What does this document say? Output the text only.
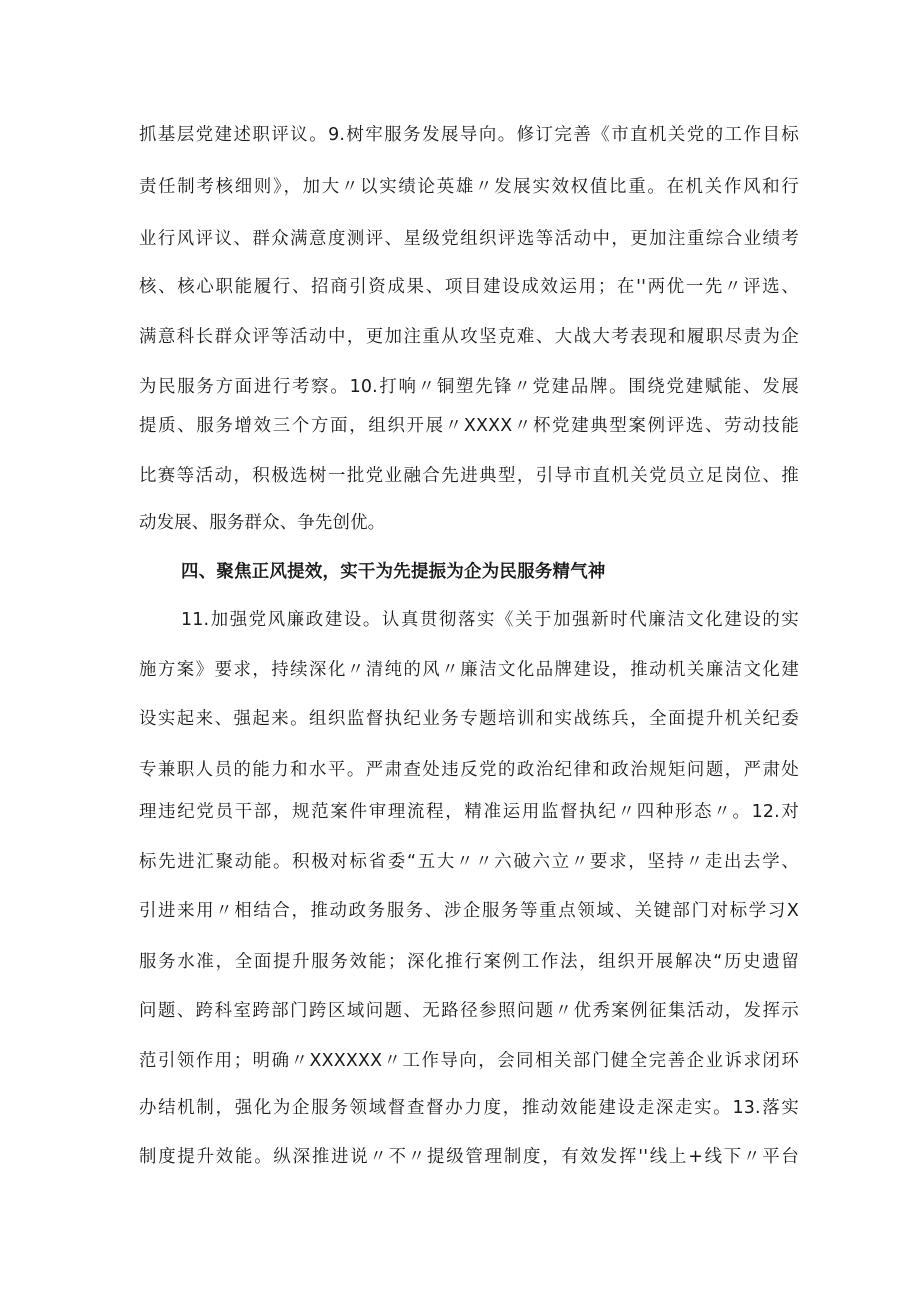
抓基层党建述职评议。9.树牢服务发展导向。修订完善《市直机关党的工作目标
责任制考核细则》，加大〃以实绩论英雄〃发展实效权值比重。在机关作风和行
业行风评议、群众满意度测评、星级党组织评选等活动中，更加注重综合业绩考
核、核心职能履行、招商引资成果、项目建设成效运用；在''两优一先〃评选、
满意科长群众评等活动中，更加注重从攻坚克难、大战大考表现和履职尽责为企
为民服务方面进行考察。10.打响〃铜塑先锋〃党建品牌。围绕党建赋能、发展
提质、服务增效三个方面，组织开展〃XXXX〃杯党建典型案例评选、劳动技能
比赛等活动，积极选树一批党业融合先进典型，引导市直机关党员立足岗位、推
动发展、服务群众、争先创优。
四、聚焦正风提效，实干为先提振为企为民服务精气神
11.加强党风廉政建设。认真贯彻落实《关于加强新时代廉洁文化建设的实
施方案》要求，持续深化〃清纯的风〃廉洁文化品牌建设，推动机关廉洁文化建
设实起来、强起来。组织监督执纪业务专题培训和实战练兵，全面提升机关纪委
专兼职人员的能力和水平。严肃查处违反党的政治纪律和政治规矩问题，严肃处
理违纪党员干部，规范案件审理流程，精准运用监督执纪〃四种形态〃。12.对
标先进汇聚动能。积极对标省委“五大〃〃六破六立〃要求，坚持〃走出去学、
引进来用〃相结合，推动政务服务、涉企服务等重点领域、关键部门对标学习X
服务水准，全面提升服务效能；深化推行案例工作法，组织开展解决“历史遗留
问题、跨科室跨部门跨区域问题、无路径参照问题〃优秀案例征集活动，发挥示
范引领作用；明确〃XXXXXX〃工作导向，会同相关部门健全完善企业诉求闭环
办结机制，强化为企服务领域督查督办力度，推动效能建设走深走实。13.落实
制度提升效能。纵深推进说〃不〃提级管理制度，有效发挥''线上+线下〃平台
